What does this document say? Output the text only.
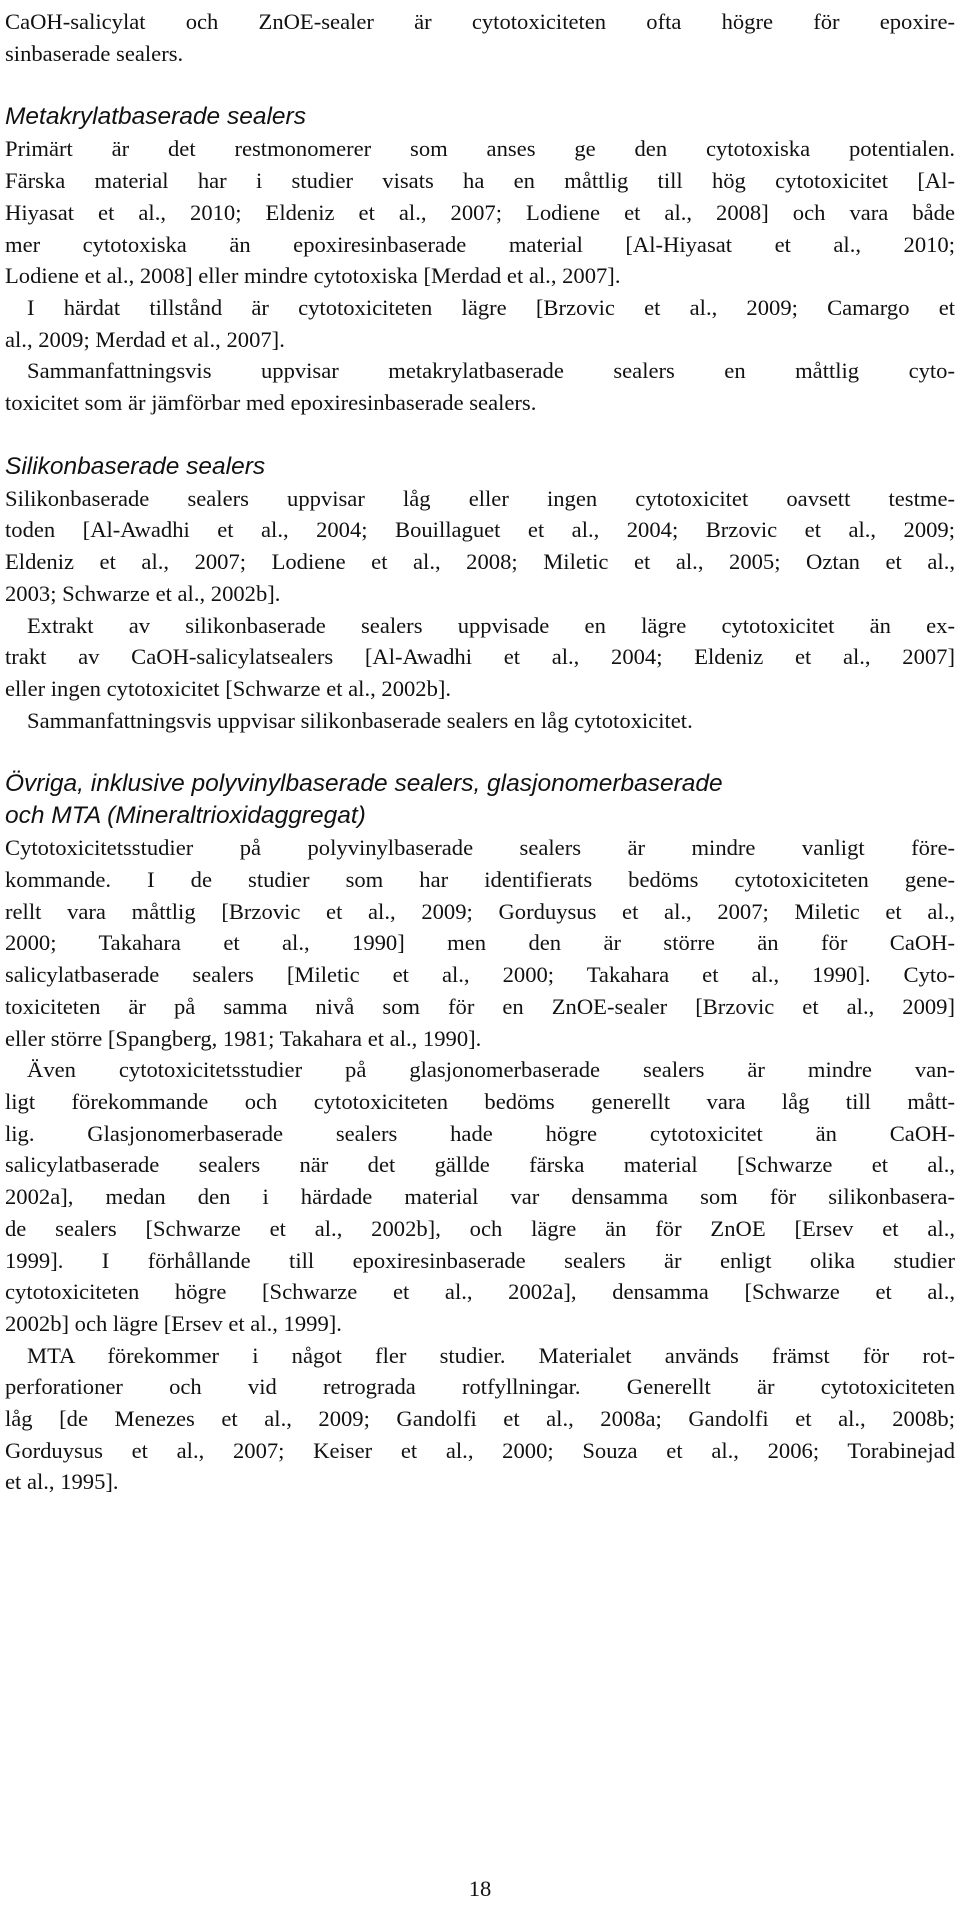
CaOH-salicylat och ZnOE-sealer är cytotoxiciteten ofta högre för epoxire-
sinbaserade sealers.
Metakrylatbaserade sealers
Primärt är det restmonomerer som anses ge den cytotoxiska potentialen.
Färska material har i studier visats ha en måttlig till hög cytotoxicitet [Al-
Hiyasat et al., 2010; Eldeniz et al., 2007; Lodiene et al., 2008] och vara både
mer cytotoxiska än epoxiresinbaserade material [Al-Hiyasat et al., 2010;
Lodiene et al., 2008] eller mindre cytotoxiska [Merdad et al., 2007].
I härdat tillstånd är cytotoxiciteten lägre [Brzovic et al., 2009; Camargo et
al., 2009; Merdad et al., 2007].
Sammanfattningsvis uppvisar metakrylatbaserade sealers en måttlig cyto-
toxicitet som är jämförbar med epoxiresinbaserade sealers.
Silikonbaserade sealers
Silikonbaserade sealers uppvisar låg eller ingen cytotoxicitet oavsett testme-
toden [Al-Awadhi et al., 2004; Bouillaguet et al., 2004; Brzovic et al., 2009;
Eldeniz et al., 2007; Lodiene et al., 2008; Miletic et al., 2005; Oztan et al.,
2003; Schwarze et al., 2002b].
Extrakt av silikonbaserade sealers uppvisade en lägre cytotoxicitet än ex-
trakt av CaOH-salicylatsealers [Al-Awadhi et al., 2004; Eldeniz et al., 2007]
eller ingen cytotoxicitet [Schwarze et al., 2002b].
Sammanfattningsvis uppvisar silikonbaserade sealers en låg cytotoxicitet.
Övriga, inklusive polyvinylbaserade sealers, glasjonomerbaserade
och MTA (Mineraltrioxidaggregat)
Cytotoxicitetsstudier på polyvinylbaserade sealers är mindre vanligt före-
kommande. I de studier som har identifierats bedöms cytotoxiciteten gene-
rellt vara måttlig [Brzovic et al., 2009; Gorduysus et al., 2007; Miletic et al.,
2000; Takahara et al., 1990] men den är större än för CaOH-
salicylatbaserade sealers [Miletic et al., 2000; Takahara et al., 1990]. Cyto-
toxiciteten är på samma nivå som för en ZnOE-sealer [Brzovic et al., 2009]
eller större [Spangberg, 1981; Takahara et al., 1990].
Även cytotoxicitetsstudier på glasjonomerbaserade sealers är mindre van-
ligt förekommande och cytotoxiciteten bedöms generellt vara låg till mått-
lig. Glasjonomerbaserade sealers hade högre cytotoxicitet än CaOH-
salicylatbaserade sealers när det gällde färska material [Schwarze et al.,
2002a], medan den i härdade material var densamma som för silikonbasera-
de sealers [Schwarze et al., 2002b], och lägre än för ZnOE [Ersev et al.,
1999]. I förhållande till epoxiresinbaserade sealers är enligt olika studier
cytotoxiciteten högre [Schwarze et al., 2002a], densamma [Schwarze et al.,
2002b] och lägre [Ersev et al., 1999].
MTA förekommer i något fler studier. Materialet används främst för rot-
perforationer och vid retrograda rotfyllningar. Generellt är cytotoxiciteten
låg [de Menezes et al., 2009; Gandolfi et al., 2008a; Gandolfi et al., 2008b;
Gorduysus et al., 2007; Keiser et al., 2000; Souza et al., 2006; Torabinejad
et al., 1995].
18
